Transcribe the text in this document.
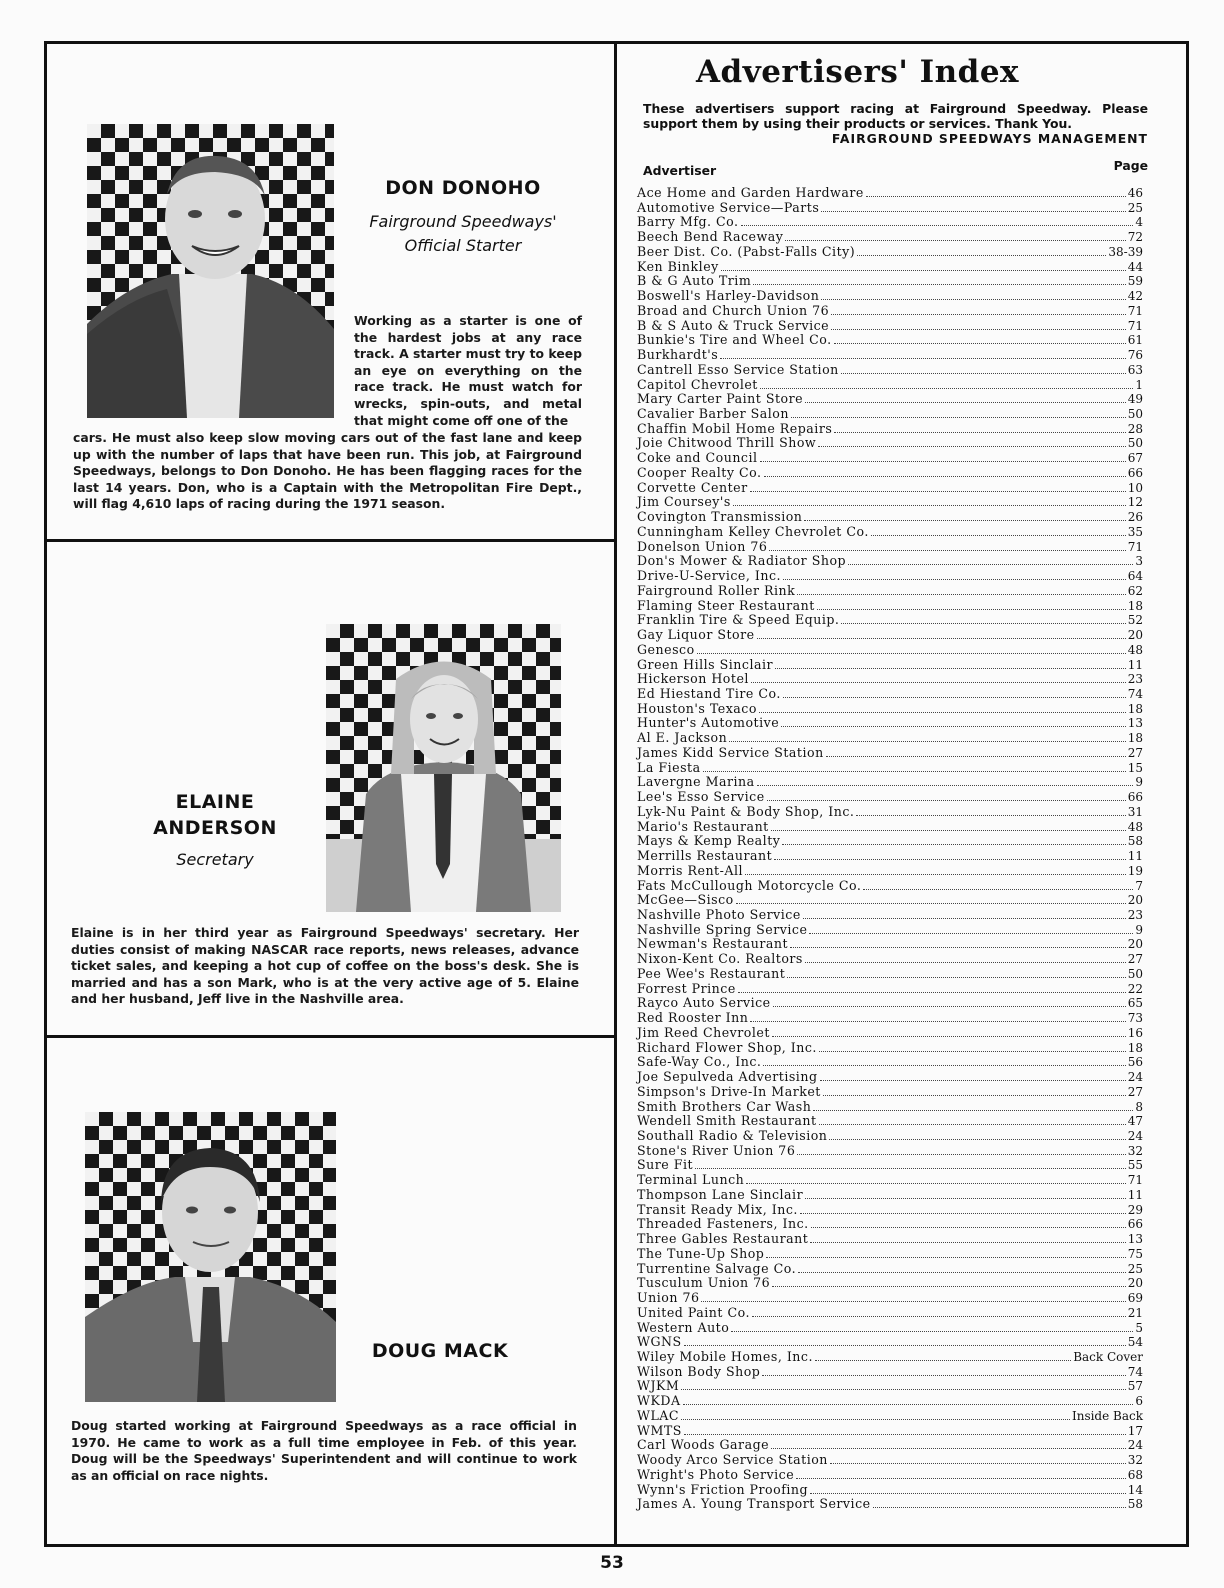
DON DONOHO
Fairground Speedways'
Official Starter
Working as a starter is one of the hardest jobs at any race track. A starter must try to keep an eye on everything on the race track. He must watch for wrecks, spin-outs, and metal that might come off one of the
cars. He must also keep slow moving cars out of the fast lane and keep up with the number of laps that have been run. This job, at Fairground Speedways, belongs to Don Donoho. He has been flagging races for the last 14 years. Don, who is a Captain with the Metropolitan Fire Dept., will flag 4,610 laps of racing during the 1971 season.
ELAINE
ANDERSON
Secretary
Elaine is in her third year as Fairground Speedways' secretary. Her duties consist of making NASCAR race reports, news releases, advance ticket sales, and keeping a hot cup of coffee on the boss's desk. She is married and has a son Mark, who is at the very active age of 5. Elaine and her husband, Jeff live in the Nashville area.
DOUG MACK
Doug started working at Fairground Speedways as a race official in 1970. He came to work as a full time employee in Feb. of this year. Doug will be the Speedways' Superintendent and will continue to work as an official on race nights.
Advertisers' Index
These advertisers support racing at Fairground Speedway. Please support them by using their products or services. Thank You.
FAIRGROUND SPEEDWAYS MANAGEMENT
Advertiser	Page
Ace Home and Garden Hardware	46
Automotive Service—Parts	25
Barry Mfg. Co.	4
Beech Bend Raceway	72
Beer Dist. Co. (Pabst-Falls City)	38-39
Ken Binkley	44
B & G Auto Trim	59
Boswell's Harley-Davidson	42
Broad and Church Union 76	71
B & S Auto & Truck Service	71
Bunkie's Tire and Wheel Co.	61
Burkhardt's	76
Cantrell Esso Service Station	63
Capitol Chevrolet	1
Mary Carter Paint Store	49
Cavalier Barber Salon	50
Chaffin Mobil Home Repairs	28
Joie Chitwood Thrill Show	50
Coke and Council	67
Cooper Realty Co.	66
Corvette Center	10
Jim Coursey's	12
Covington Transmission	26
Cunningham Kelley Chevrolet Co.	35
Donelson Union 76	71
Don's Mower & Radiator Shop	3
Drive-U-Service, Inc.	64
Fairground Roller Rink	62
Flaming Steer Restaurant	18
Franklin Tire & Speed Equip.	52
Gay Liquor Store	20
Genesco	48
Green Hills Sinclair	11
Hickerson Hotel	23
Ed Hiestand Tire Co.	74
Houston's Texaco	18
Hunter's Automotive	13
Al E. Jackson	18
James Kidd Service Station	27
La Fiesta	15
Lavergne Marina	9
Lee's Esso Service	66
Lyk-Nu Paint & Body Shop, Inc.	31
Mario's Restaurant	48
Mays & Kemp Realty	58
Merrills Restaurant	11
Morris Rent-All	19
Fats McCullough Motorcycle Co.	7
McGee—Sisco	20
Nashville Photo Service	23
Nashville Spring Service	9
Newman's Restaurant	20
Nixon-Kent Co. Realtors	27
Pee Wee's Restaurant	50
Forrest Prince	22
Rayco Auto Service	65
Red Rooster Inn	73
Jim Reed Chevrolet	16
Richard Flower Shop, Inc.	18
Safe-Way Co., Inc.	56
Joe Sepulveda Advertising	24
Simpson's Drive-In Market	27
Smith Brothers Car Wash	8
Wendell Smith Restaurant	47
Southall Radio & Television	24
Stone's River Union 76	32
Sure Fit	55
Terminal Lunch	71
Thompson Lane Sinclair	11
Transit Ready Mix, Inc.	29
Threaded Fasteners, Inc.	66
Three Gables Restaurant	13
The Tune-Up Shop	75
Turrentine Salvage Co.	25
Tusculum Union 76	20
Union 76	69
United Paint Co.	21
Western Auto	5
WGNS	54
Wiley Mobile Homes, Inc.	Back Cover
Wilson Body Shop	74
WJKM	57
WKDA	6
WLAC	Inside Back
WMTS	17
Carl Woods Garage	24
Woody Arco Service Station	32
Wright's Photo Service	68
Wynn's Friction Proofing	14
James A. Young Transport Service	58
53
